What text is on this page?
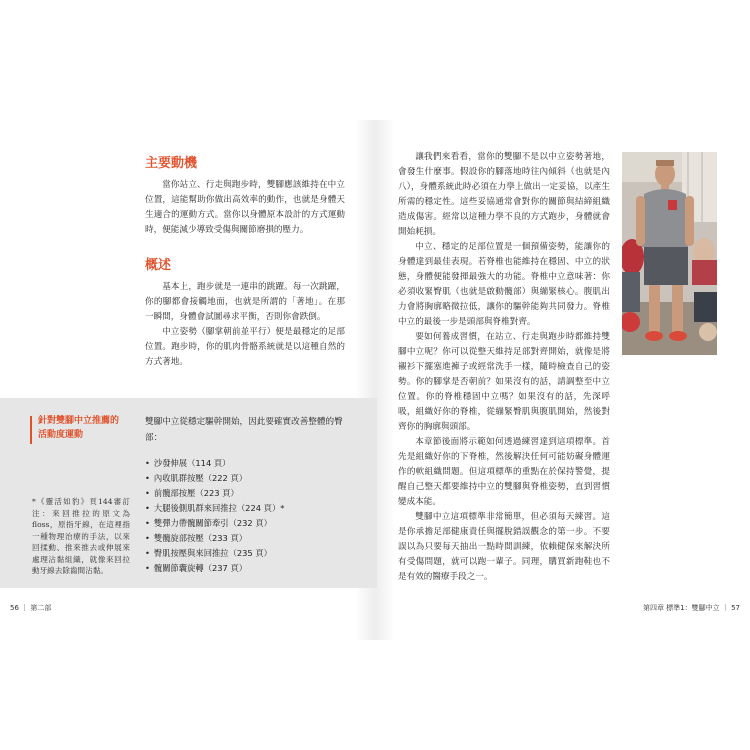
主要動機

當你站立、行走與跑步時，雙腳應該維持在中立位置，這能幫助你做出高效率的動作，也就是身體天生適合的運動方式。當你以身體原本設計的方式運動時，便能減少導致受傷與關節磨損的壓力。

概述

基本上，跑步就是一連串的跳躍。每一次跳躍，你的腳都會接觸地面，也就是所謂的「著地」。在那一瞬間，身體會試圖尋求平衡，否則你會跌倒。

中立姿勢（腳掌朝前並平行）便是最穩定的足部位置。跑步時，你的肌肉骨骼系統就是以這種自然的方式著地。

針對雙腳中立推薦的活動度運動
雙腳中立從穩定驅幹開始，因此要確實改善整體的臀部：
• 沙發伸展（114 頁）
• 內收肌群按壓（222 頁）
• 前髖部按壓（223 頁）
• 大腿後側肌群來回推拉（224 頁）*
• 雙彈力帶髖關節牽引（232 頁）
• 雙髖旋部按壓（233 頁）
• 臀肌按壓與來回推拉（235 頁）
• 髖關節囊旋轉（237 頁）
*《靈活如豹》頁144審訂注：來回推拉的原文為floss，原指牙線，在這裡指一種物理治療的手法，以來回揉動、推來推去或伸展來處理沾黏組織，就像來回拉動牙線去除齒間沾黏。
56 ｜ 第二部

讓我們來看看，當你的雙腳不是以中立姿勢著地，會發生什麼事。假設你的腳落地時往內傾斜（也就是內八），身體系統此時必須在力學上做出一定妥協，以產生所需的穩定性。這些妥協通常會對你的關節與結締組織造成傷害。經常以這種力學不良的方式跑步，身體就會開始耗損。

中立、穩定的足部位置是一個預備姿勢，能讓你的身體達到最佳表現。若脊椎也能維持在穩固、中立的狀態，身體便能發揮最強大的功能。脊椎中立意味著：你必須收緊臀肌（也就是啟動髖部）與繃緊核心。腹肌出力會將胸廓略微拉低，讓你的驅幹能夠共同發力。脊椎中立的最後一步是頭部與脊椎對齊。

要如何養成習慣，在站立、行走與跑步時都維持雙腳中立呢？你可以從整天維持足部對齊開始，就像是將襯衫下擺塞進褲子或經常洗手一樣，隨時檢查自己的姿勢。你的腳掌是否朝前？如果沒有的話，請調整至中立位置。你的脊椎穩固中立嗎？如果沒有的話，先深呼吸，組織好你的脊椎，從繃緊臀肌與腹肌開始，然後對齊你的胸廓與頭部。

本章節後面將示範如何透過練習達到這項標準。首先是組織好你的下脊椎，然後解決任何可能妨礙身體運作的軟組織問題。但這項標準的重點在於保持警覺，提醒自己整天都要維持中立的雙腳與脊椎姿勢，直到習慣變成本能。

雙腳中立這項標準非常簡單，但必須每天練習。這是你承擔足部健康責任與擺脫錯誤觀念的第一步。不要誤以為只要每天抽出一點時間訓練，依賴健保來解決所有受傷問題，就可以跑一輩子。同理，購買新跑鞋也不是有效的醫療手段之一。

第四章 標準1：雙腳中立 ｜ 57
